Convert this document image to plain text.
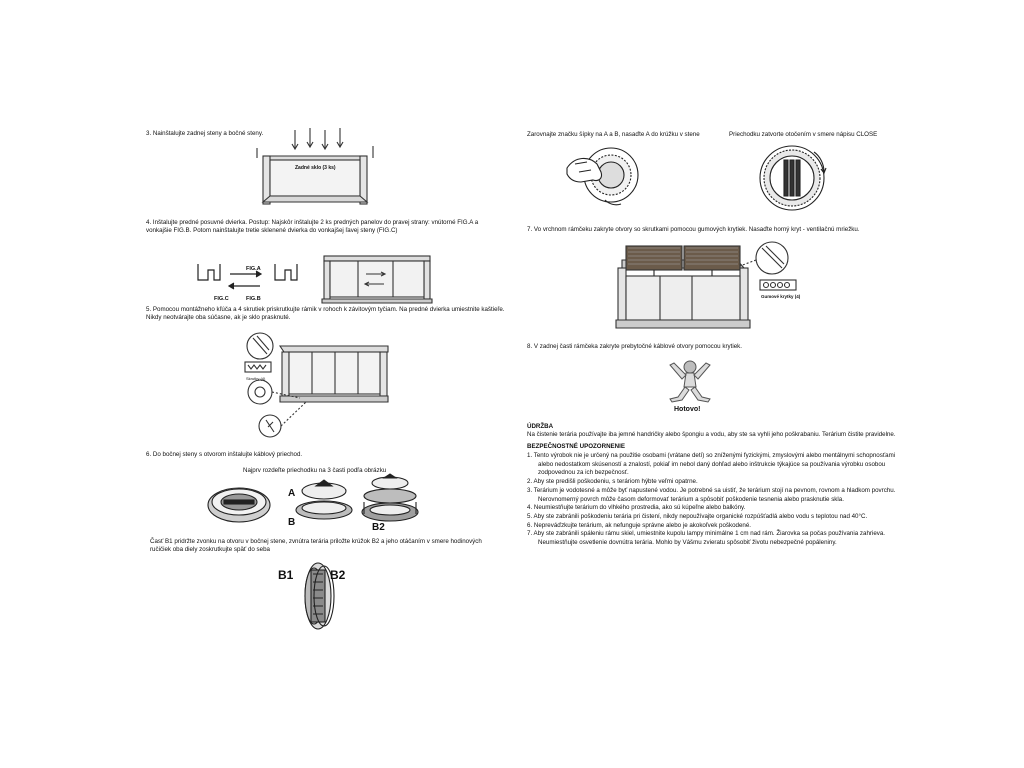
3. Nainštalujte zadnej steny a bočné steny.
Zadné sklo (3 ks)
4. Inštalujte predné posuvné dvierka. Postup: Najskôr inštalujte 2 ks predných panelov do pravej strany: vnútorné FIG.A a vonkajšie FIG.B. Potom nainštalujte tretie sklenené dvierka do vonkajšej ľavej steny (FIG.C)
FIG.A
FIG.B
FIG.C
5. Pomocou montážneho kľúča a 4 skrutiek priskrutkujte rámik v rohoch k závitovým tyčiam. Na predné dvierka umiestnite kaštieľe. Nikdy neotvárajte oba súčasne, ak je sklo prasknuté.
Skrutky (4)
6. Do bočnej steny s otvorom inštalujte káblový priechod.
Najprv rozdeľte priechodku na 3 časti podľa obrázku
A
B	B2
Časť B1 pridržte zvonku na otvoru v bočnej stene, zvnútra terária priložte krúžok B2 a jeho otáčaním v smere hodinových ručičiek oba diely zoskrutkujte späť do seba
B1	B2
Zarovnajte značku šípky na A a B, nasaďte A do krúžku v stene	Priechodku zatvorte otočením v smere nápisu CLOSE
7. Vo vrchnom rámčeku zakryte otvory so skrutkami pomocou gumových krytiek. Nasaďte horný kryt - ventilačnú mriežku.
Gumové krytky (4)
8. V zadnej časti rámčeka zakryte prebytočné káblové otvory pomocou krytiek.
Hotovo!
ÚDRŽBA
Na čistenie terária používajte iba jemné handričky alebo špongiu a vodu, aby ste sa vyhli jeho poškrabaniu. Terárium čistite pravidelne.
BEZPEČNOSTNÉ UPOZORNENIE
1. Tento výrobok nie je určený na použitie osobami (vrátane detí) so zníženými fyzickými, zmyslovými alebo mentálnymi schopnosťami alebo nedostatkom skúseností a znalostí, pokiaľ im nebol daný dohľad alebo inštrukcie týkajúce sa používania výrobku osobou zodpovednou za ich bezpečnosť.
2. Aby ste predišli poškodeniu, s teráriom hýbte veľmi opatrne.
3. Terárium je vodotesné a môže byť napustené vodou. Je potrebné sa uistiť, že terárium stojí na pevnom, rovnom a hladkom povrchu. Nerovnomerný povrch môže časom deformovať terárium a spôsobiť poškodenie tesnenia alebo prasknutie skla.
4. Neumiestňujte terárium do vlhkého prostredia, ako sú kúpeľne alebo balkóny.
5. Aby ste zabránili poškodeniu terária pri čistení, nikdy nepoužívajte organické rozpúšťadlá alebo vodu s teplotou nad 40°C.
6. Nepreváďzkujte terárium, ak nefunguje správne alebo je akokoľvek poškodené.
7. Aby ste zabránili spáleniu rámu skiel, umiestnite kupolu lampy minimálne 1 cm nad rám. Žiarovka sa počas používania zahrieva. Neumiestňujte osvetlenie dovnútra terária. Mohlo by Vášmu zvieratu spôsobiť životu nebezpečné popáleniny.
